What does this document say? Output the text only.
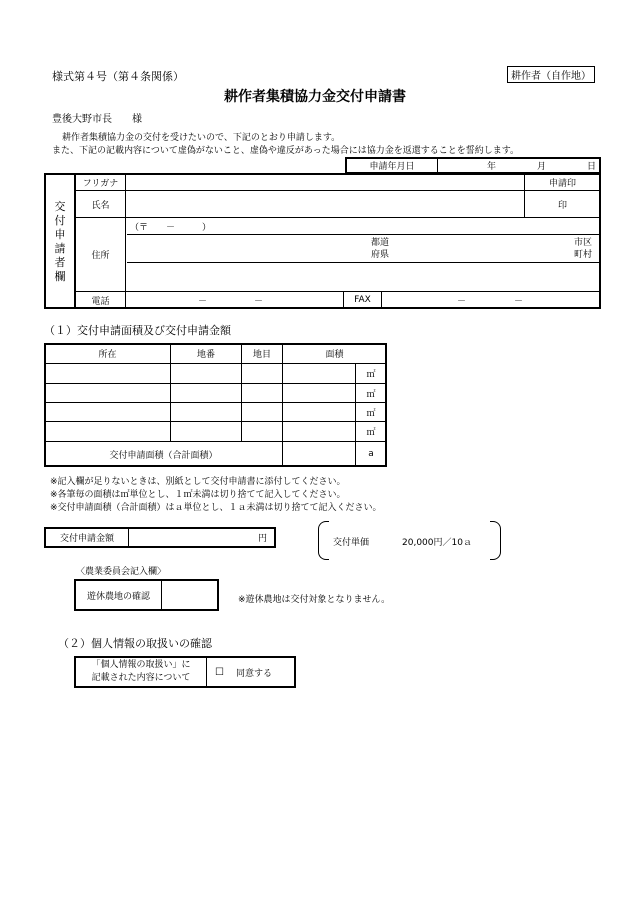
様式第４号（第４条関係）	耕作者（自作地）
耕作者集積協力金交付申請書
豊後大野市長　　様
耕作者集積協力金の交付を受けたいので、下記のとおり申請します。
また、下記の記載内容について虚偽がないこと、虚偽や違反があった場合には協力金を返還することを誓約します。
申請年月日	年	月	日
交付申請者欄
フリガナ	申請印
氏名	印
住所
（〒　　－　　　）
都道
府県
市区
町村
電話	－	－	FAX	－	－
（１）交付申請面積及び交付申請金額
所在	地番	地目	面積
㎡
㎡
㎡
㎡
交付申請面積（合計面積）	a
※記入欄が足りないときは、別紙として交付申請書に添付してください。
※各筆毎の面積は㎡単位とし、１㎡未満は切り捨てて記入してください。
※交付申請面積（合計面積）はａ単位とし、１ａ未満は切り捨てて記入ください。
交付申請金額	円	交付単価	20,000円／10ａ
〈農業委員会記入欄〉
遊休農地の確認	※遊休農地は交付対象となりません。
（２）個人情報の取扱いの確認
「個人情報の取扱い」に
記載された内容について
☐ 同意する
